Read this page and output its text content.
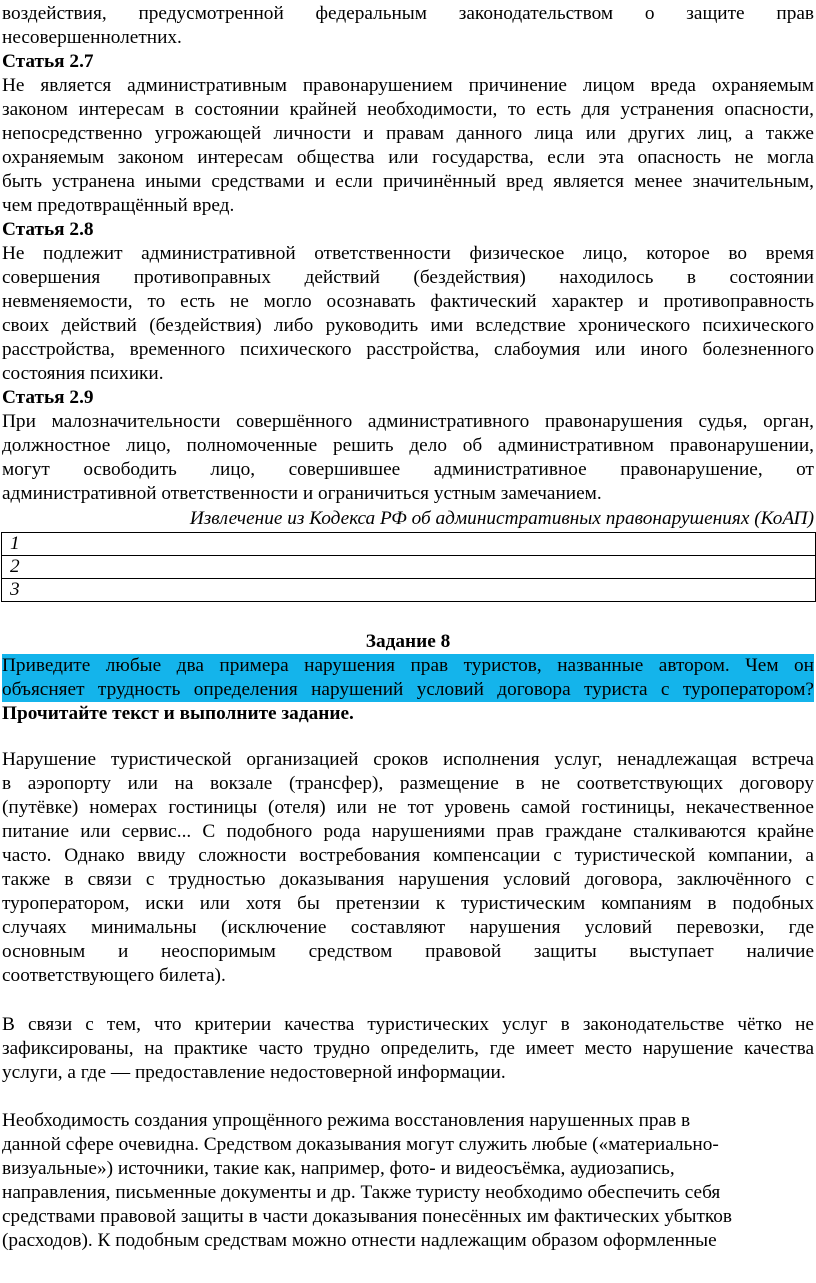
воздействия, предусмотренной федеральным законодательством о защите прав
несовершеннолетних.
Статья 2.7
Не является административным правонарушением причинение лицом вреда охраняемым
законом интересам в состоянии крайней необходимости, то есть для устранения опасности,
непосредственно угрожающей личности и правам данного лица или других лиц, а также
охраняемым законом интересам общества или государства, если эта опасность не могла
быть устранена иными средствами и если причинённый вред является менее значительным,
чем предотвращённый вред.
Статья 2.8
Не подлежит административной ответственности физическое лицо, которое во время
совершения противоправных действий (бездействия) находилось в состоянии
невменяемости, то есть не могло осознавать фактический характер и противоправность
своих действий (бездействия) либо руководить ими вследствие хронического психического
расстройства, временного психического расстройства, слабоумия или иного болезненного
состояния психики.
Статья 2.9
При малозначительности совершённого административного правонарушения судья, орган,
должностное лицо, полномоченные решить дело об административном правонарушении,
могут освободить лицо, совершившее административное правонарушение, от
административной ответственности и ограничиться устным замечанием.
Извлечение из Кодекса РФ об административных правонарушениях (КоАП)
Задание 8
Приведите любые два примера нарушения прав туристов, названные автором. Чем он
объясняет трудность определения нарушений условий договора туриста с туроператором?
Прочитайте текст и выполните задание.
Нарушение туристической организацией сроков исполнения услуг, ненадлежащая встреча
в аэропорту или на вокзале (трансфер), размещение в не соответствующих договору
(путёвке) номерах гостиницы (отеля) или не тот уровень самой гостиницы, некачественное
питание или сервис... С подобного рода нарушениями прав граждане сталкиваются крайне
часто. Однако ввиду сложности востребования компенсации с туристической компании, а
также в связи с трудностью доказывания нарушения условий договора, заключённого с
туроператором, иски или хотя бы претензии к туристическим компаниям в подобных
случаях минимальны (исключение составляют нарушения условий перевозки, где
основным и неоспоримым средством правовой защиты выступает наличие
соответствующего билета).
В связи с тем, что критерии качества туристических услуг в законодательстве чётко не
зафиксированы, на практике часто трудно определить, где имеет место нарушение качества
услуги, а где — предоставление недостоверной информации.
Необходимость создания упрощённого режима восстановления нарушенных прав в
данной сфере очевидна. Средством доказывания могут служить любые («материально-
визуальные») источники, такие как, например, фото- и видеосъёмка, аудиозапись,
направления, письменные документы и др. Также туристу необходимо обеспечить себя
средствами правовой защиты в части доказывания понесённых им фактических убытков
(расходов). К подобным средствам можно отнести надлежащим образом оформленные
1
2
3
